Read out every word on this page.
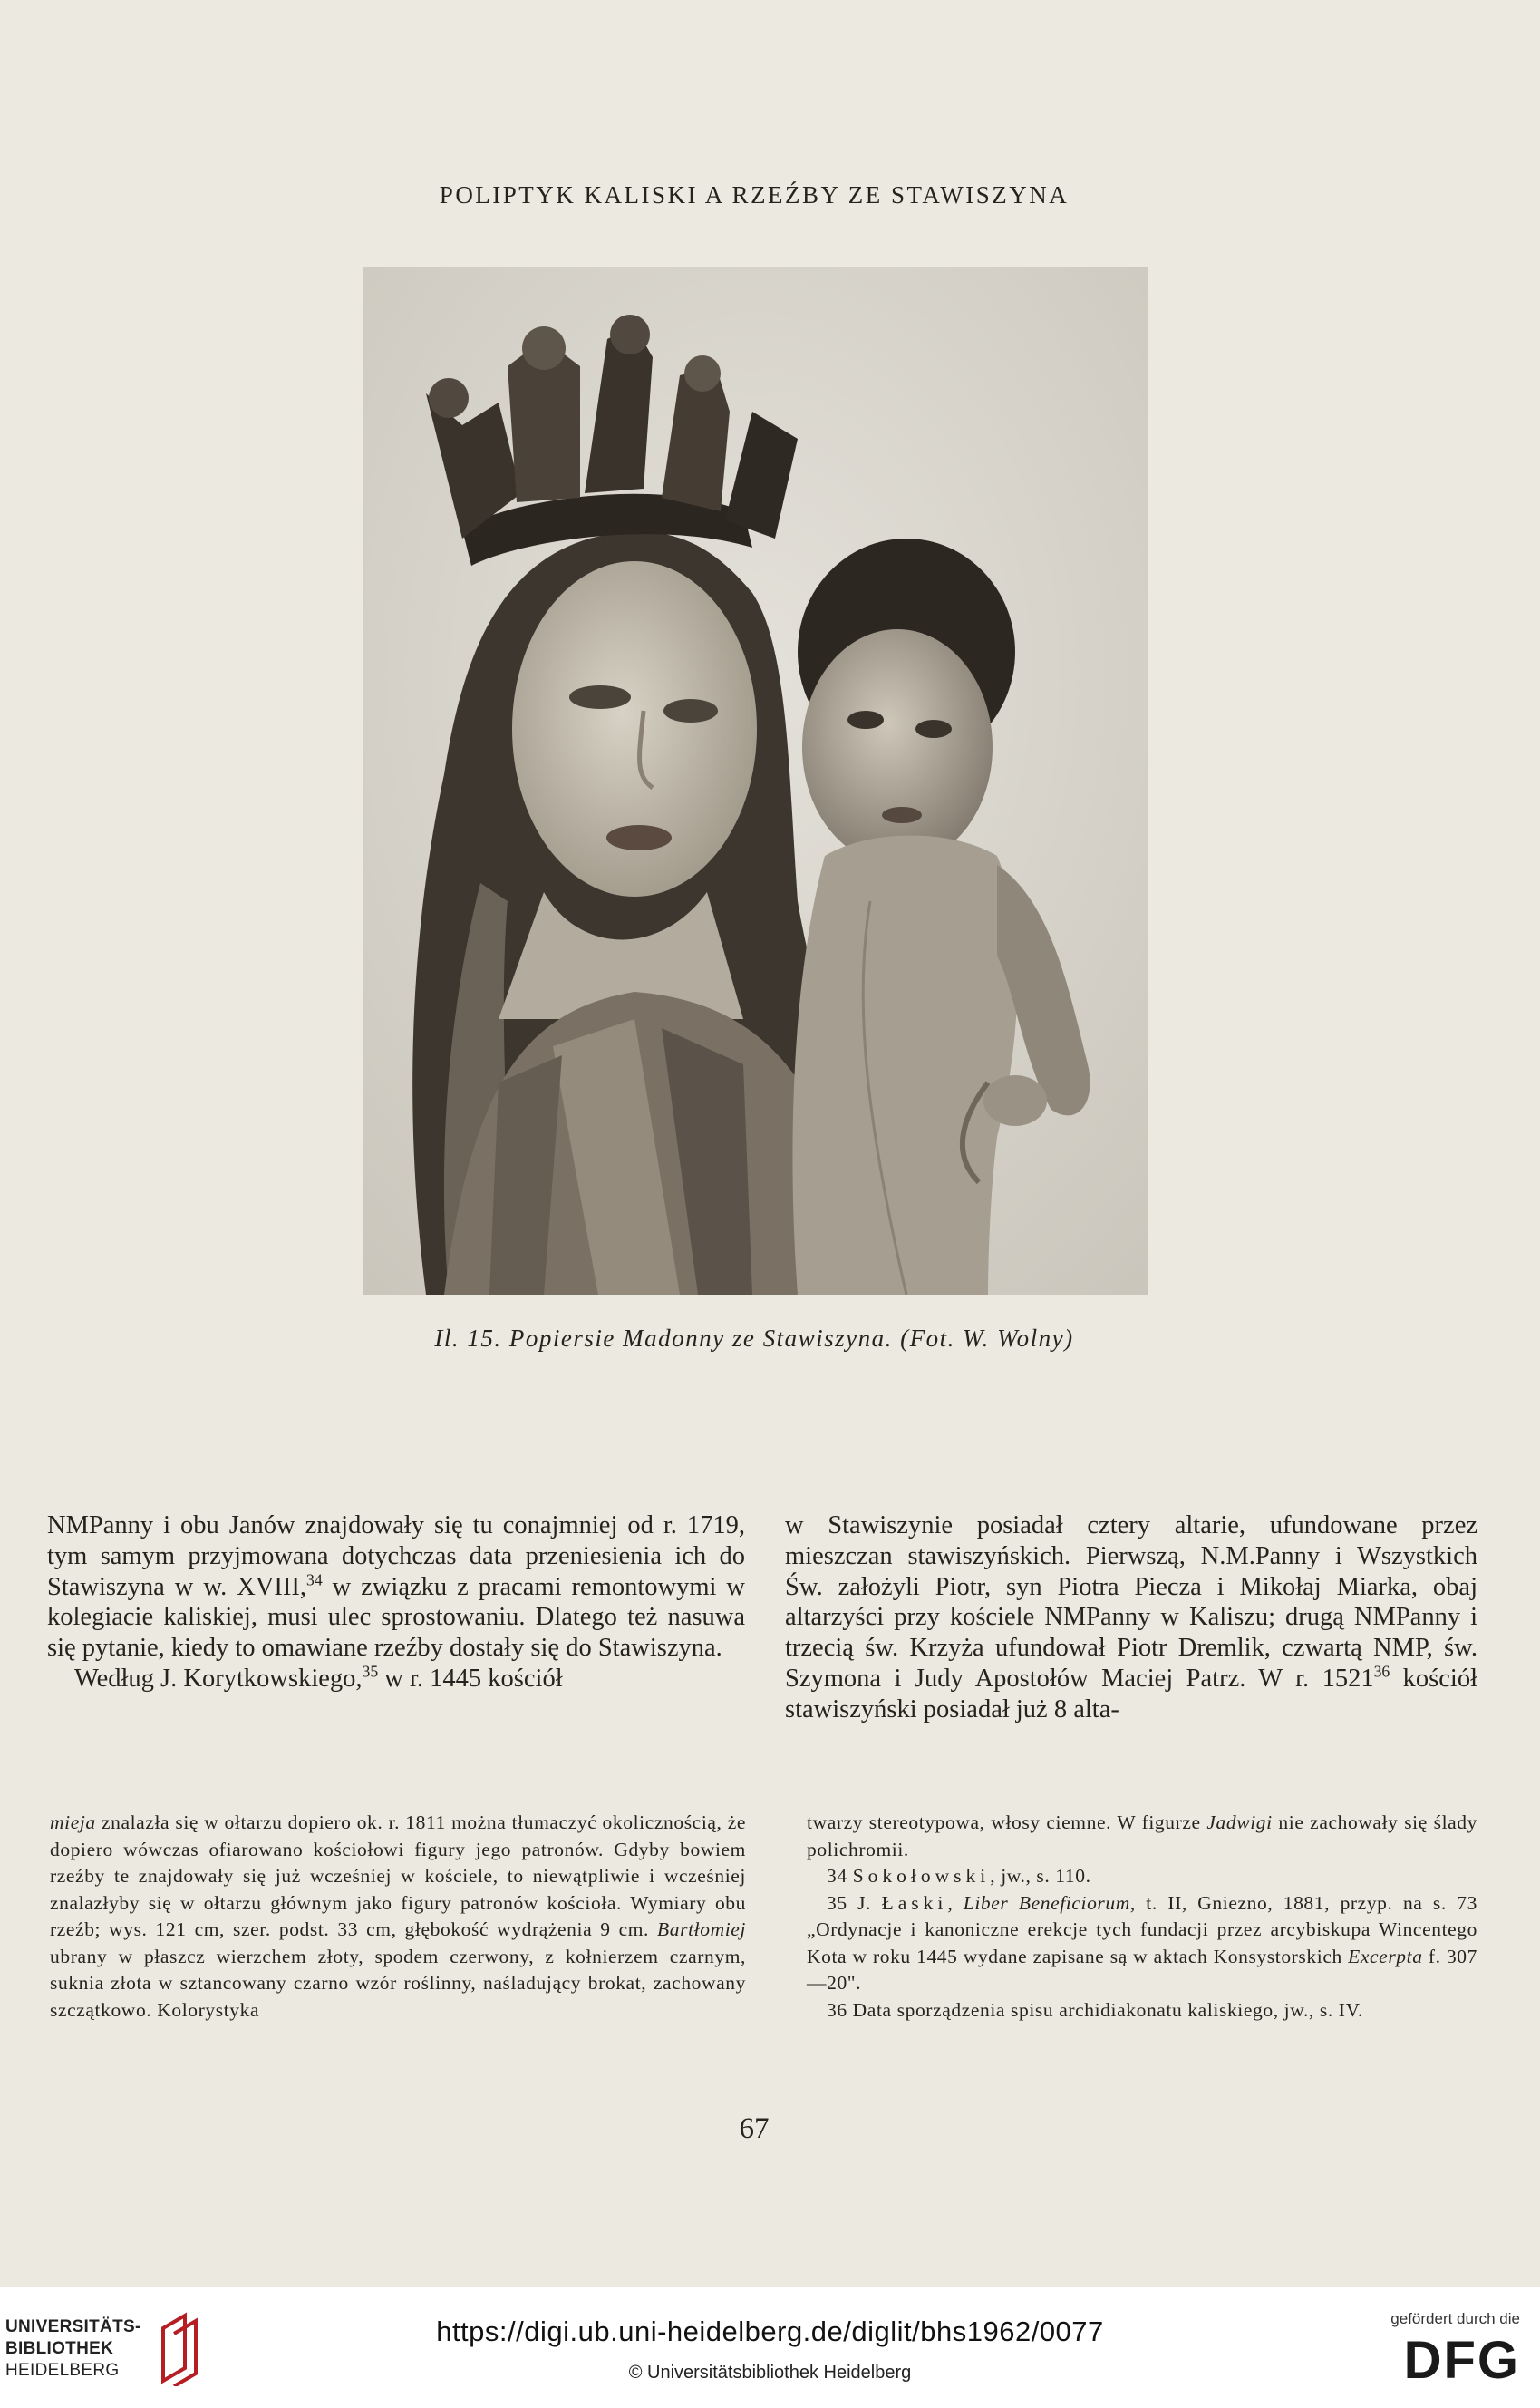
POLIPTYK KALISKI A RZEŹBY ZE STAWISZYNA
Il. 15. Popiersie Madonny ze Stawiszyna. (Fot. W. Wolny)

NMPanny i obu Janów znajdowały się tu conajmniej od r. 1719, tym samym przyjmowana dotychczas data przeniesienia ich do Stawiszyna w w. XVIII,$^{34}$ w związku z pracami remontowymi w kolegiacie kaliskiej, musi ulec sprostowaniu. Dlatego też nasuwa się pytanie, kiedy to omawiane rzeźby dostały się do Stawiszyna.

Według J. Korytkowskiego,$^{35}$ w r. 1445 kościół

w Stawiszynie posiadał cztery altarie, ufundowane przez mieszczan stawiszyńskich. Pierwszą, N.M.Panny i Wszystkich Św. założyli Piotr, syn Piotra Piecza i Mikołaj Miarka, obaj altarzyści przy kościele NMPanny w Kaliszu; drugą NMPanny i trzecią św. Krzyża ufundował Piotr Dremlik, czwartą NMP, św. Szymona i Judy Apostołów Maciej Patrz. W r. 1521$^{36}$ kościół stawiszyński posiadał już 8 alta-

mieja znalazła się w ołtarzu dopiero ok. r. 1811 można tłumaczyć okolicznością, że dopiero wówczas ofiarowano kościołowi figury jego patronów. Gdyby bowiem rzeźby te znajdowały się już wcześniej w kościele, to niewątpliwie i wcześniej znalazłyby się w ołtarzu głównym jako figury patronów kościoła. Wymiary obu rzeźb; wys. 121 cm, szer. podst. 33 cm, głębokość wydrążenia 9 cm. Bartłomiej ubrany w płaszcz wierzchem złoty, spodem czerwony, z kołnierzem czarnym, suknia złota w sztancowany czarno wzór roślinny, naśladujący brokat, zachowany szczątkowo. Kolorystyka

twarzy stereotypowa, włosy ciemne. W figurze Jadwigi nie zachowały się ślady polichromii.

34 Sokołowski, jw., s. 110.

35 J. Łaski, Liber Beneficiorum, t. II, Gniezno, 1881, przyp. na s. 73 „Ordynacje i kanoniczne erekcje tych fundacji przez arcybiskupa Wincentego Kota w roku 1445 wydane zapisane są w aktach Konsystorskich Excerpta f. 307—20".

36 Data sporządzenia spisu archidiakonatu kaliskiego, jw., s. IV.

67
UNIVERSITÄTS-
BIBLIOTHEK
HEIDELBERG
https://digi.ub.uni-heidelberg.de/diglit/bhs1962/0077
© Universitätsbibliothek Heidelberg
gefördert durch die
DFG
